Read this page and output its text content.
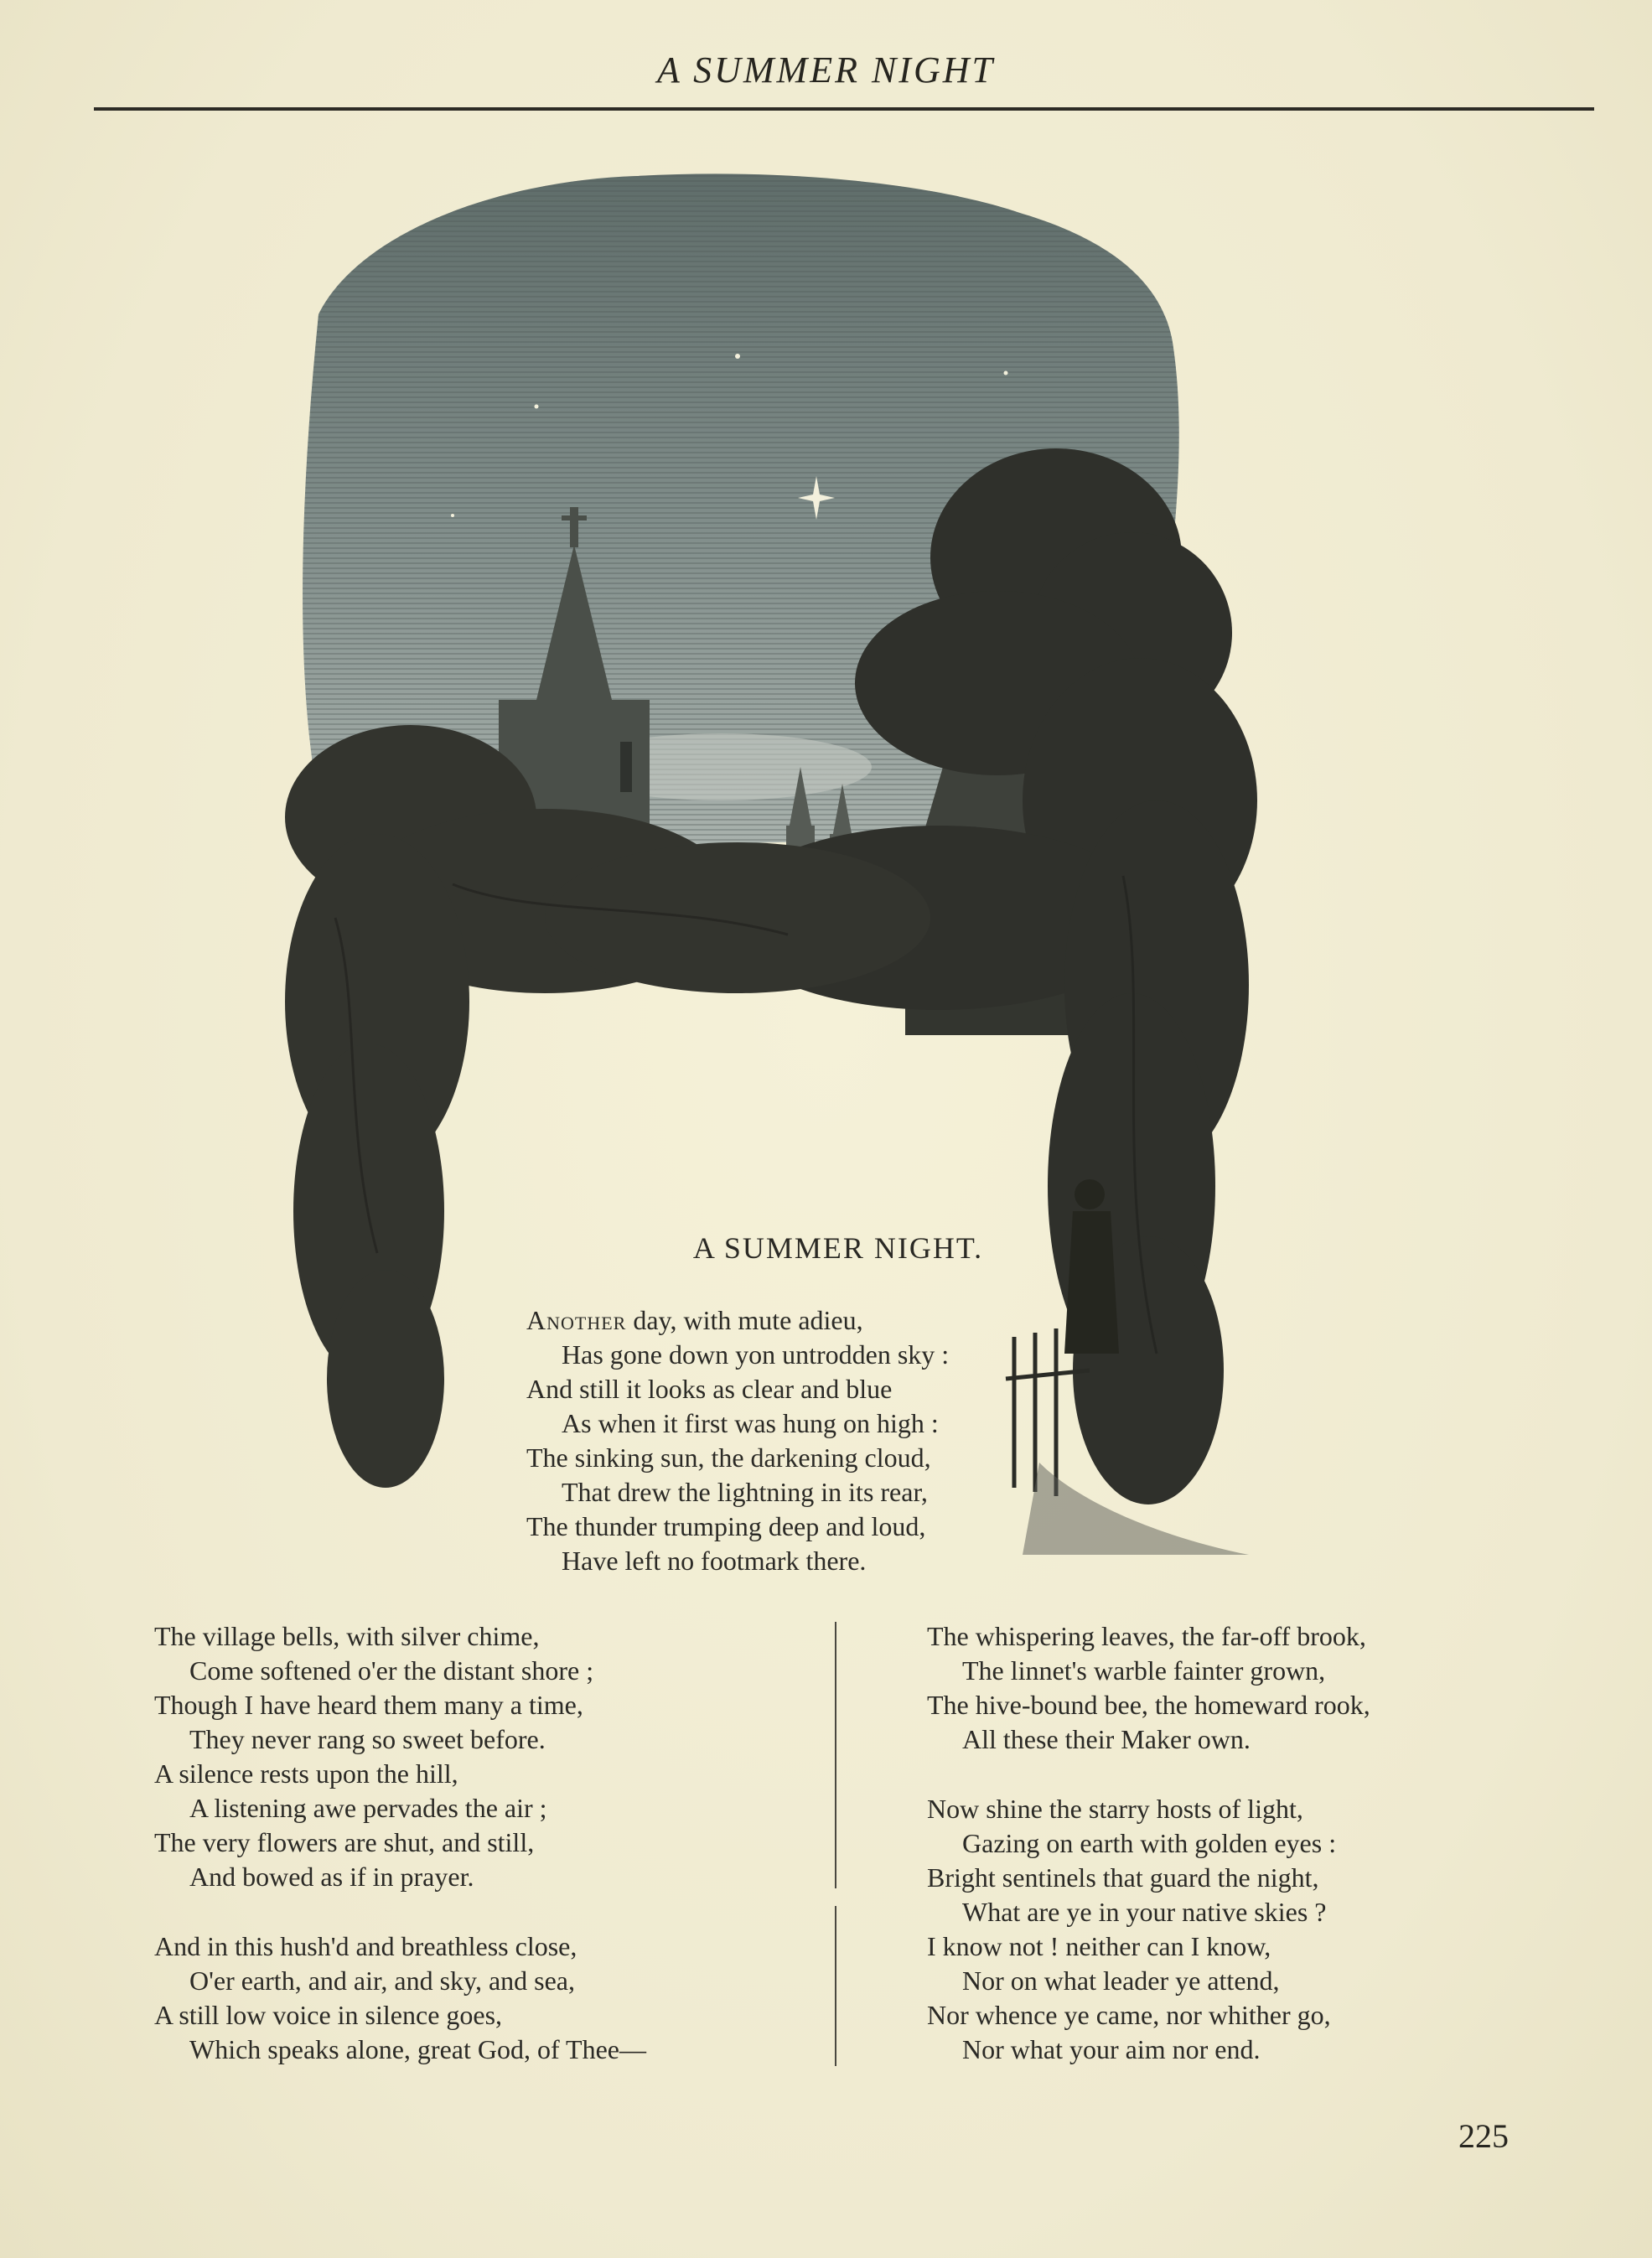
A SUMMER NIGHT
A SUMMER NIGHT.
Another day, with mute adieu,
Has gone down yon untrodden sky :
And still it looks as clear and blue
As when it first was hung on high :
The sinking sun, the darkening cloud,
That drew the lightning in its rear,
The thunder trumping deep and loud,
Have left no footmark there.
The village bells, with silver chime,
Come softened o'er the distant shore ;
Though I have heard them many a time,
They never rang so sweet before.
A silence rests upon the hill,
A listening awe pervades the air ;
The very flowers are shut, and still,
And bowed as if in prayer.
And in this hush'd and breathless close,
O'er earth, and air, and sky, and sea,
A still low voice in silence goes,
Which speaks alone, great God, of Thee—
The whispering leaves, the far-off brook,
The linnet's warble fainter grown,
The hive-bound bee, the homeward rook,
All these their Maker own.
Now shine the starry hosts of light,
Gazing on earth with golden eyes :
Bright sentinels that guard the night,
What are ye in your native skies ?
I know not ! neither can I know,
Nor on what leader ye attend,
Nor whence ye came, nor whither go,
Nor what your aim nor end.
225
